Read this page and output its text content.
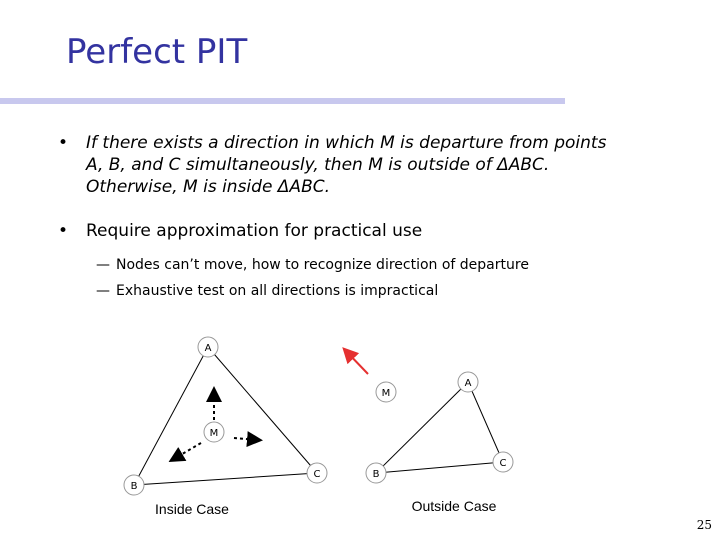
Perfect PIT
• If there exists a direction in which M is departure from points
A, B, and C simultaneously, then M is outside of ΔABC.
Otherwise, M is inside ΔABC.
• Require approximation for practical use
— Nodes can’t move, how to recognize direction of departure
— Exhaustive test on all directions is impractical
A
B
C
M
Inside Case
M
A
B
C
Outside Case
25
